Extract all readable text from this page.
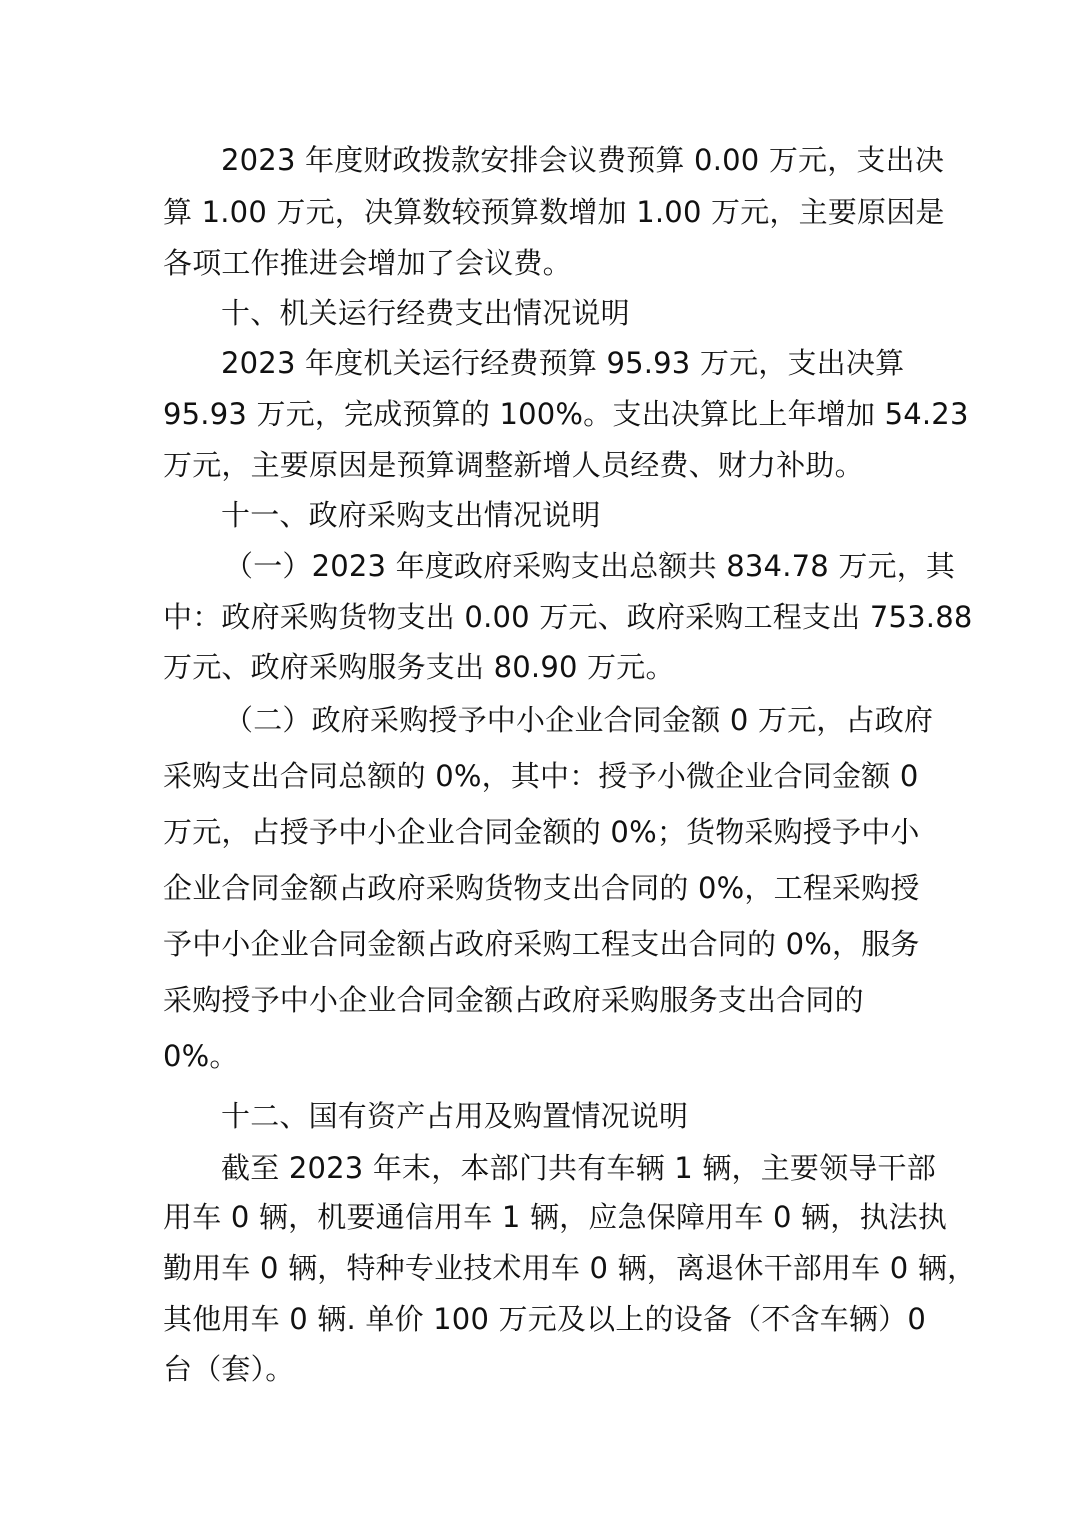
2023 年度财政拨款安排会议费预算 0.00 万元，支出决
算 1.00 万元，决算数较预算数增加 1.00 万元，主要原因是
各项工作推进会增加了会议费。
十、机关运行经费支出情况说明
2023 年度机关运行经费预算 95.93 万元，支出决算
95.93 万元，完成预算的 100%。支出决算比上年增加 54.23
万元，主要原因是预算调整新增人员经费、财力补助。
十一、政府采购支出情况说明
（一）2023 年度政府采购支出总额共 834.78 万元，其
中：政府采购货物支出 0.00 万元、政府采购工程支出 753.88
万元、政府采购服务支出 80.90 万元。
（二）政府采购授予中小企业合同金额 0 万元，占政府
采购支出合同总额的 0%，其中：授予小微企业合同金额 0
万元，占授予中小企业合同金额的 0%；货物采购授予中小
企业合同金额占政府采购货物支出合同的 0%，工程采购授
予中小企业合同金额占政府采购工程支出合同的 0%，服务
采购授予中小企业合同金额占政府采购服务支出合同的
0%。
十二、国有资产占用及购置情况说明
截至 2023 年末，本部门共有车辆 1 辆，主要领导干部
用车 0 辆，机要通信用车 1 辆，应急保障用车 0 辆，执法执
勤用车 0 辆，特种专业技术用车 0 辆，离退休干部用车 0 辆，
其他用车 0 辆. 单价 100 万元及以上的设备（不含车辆）0
台（套）。
